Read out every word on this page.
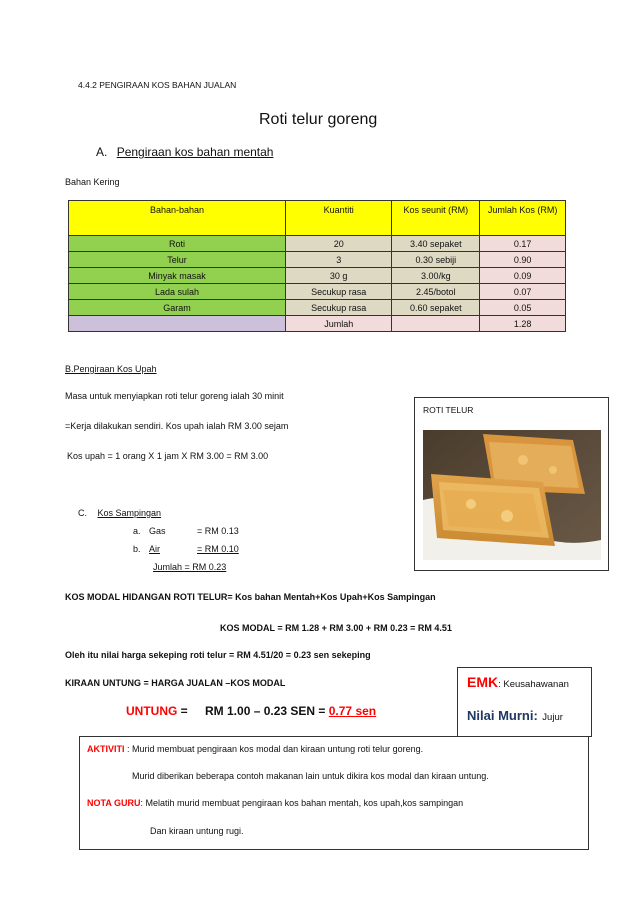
4.4.2 PENGIRAAN KOS BAHAN JUALAN
Roti telur goreng
A. Pengiraan kos bahan mentah
Bahan Kering
Bahan-bahan	Kuantiti	Kos seunit (RM)	Jumlah Kos (RM)
Roti	20	3.40 sepaket	0.17
Telur	3	0.30 sebiji	0.90
Minyak masak	30 g	3.00/kg	0.09
Lada sulah	Secukup rasa	2.45/botol	0.07
Garam	Secukup rasa	0.60 sepaket	0.05
	Jumlah		1.28
B.Pengiraan Kos Upah
Masa untuk menyiapkan roti telur goreng ialah 30 minit
=Kerja dilakukan sendiri. Kos upah ialah RM 3.00 sejam
Kos upah = 1 orang X 1 jam X RM 3.00 = RM 3.00
ROTI TELUR
C. Kos Sampingan
a. Gas	= RM 0.13
b. Air	= RM 0.10
Jumlah = RM 0.23
KOS MODAL HIDANGAN ROTI TELUR= Kos bahan Mentah+Kos Upah+Kos Sampingan
KOS MODAL = RM 1.28 + RM 3.00 + RM 0.23 = RM 4.51
Oleh itu nilai harga sekeping roti telur = RM 4.51/20 = 0.23 sen sekeping
KIRAAN UNTUNG = HARGA JUALAN –KOS MODAL
UNTUNG = RM 1.00 – 0.23 SEN = 0.77 sen
EMK: Keusahawanan
Nilai Murni: Jujur
AKTIVITI : Murid membuat pengiraan kos modal dan kiraan untung roti telur goreng.
Murid diberikan beberapa contoh makanan lain untuk dikira kos modal dan kiraan untung.
NOTA GURU: Melatih murid membuat pengiraan kos bahan mentah, kos upah,kos sampingan
Dan kiraan untung rugi.
